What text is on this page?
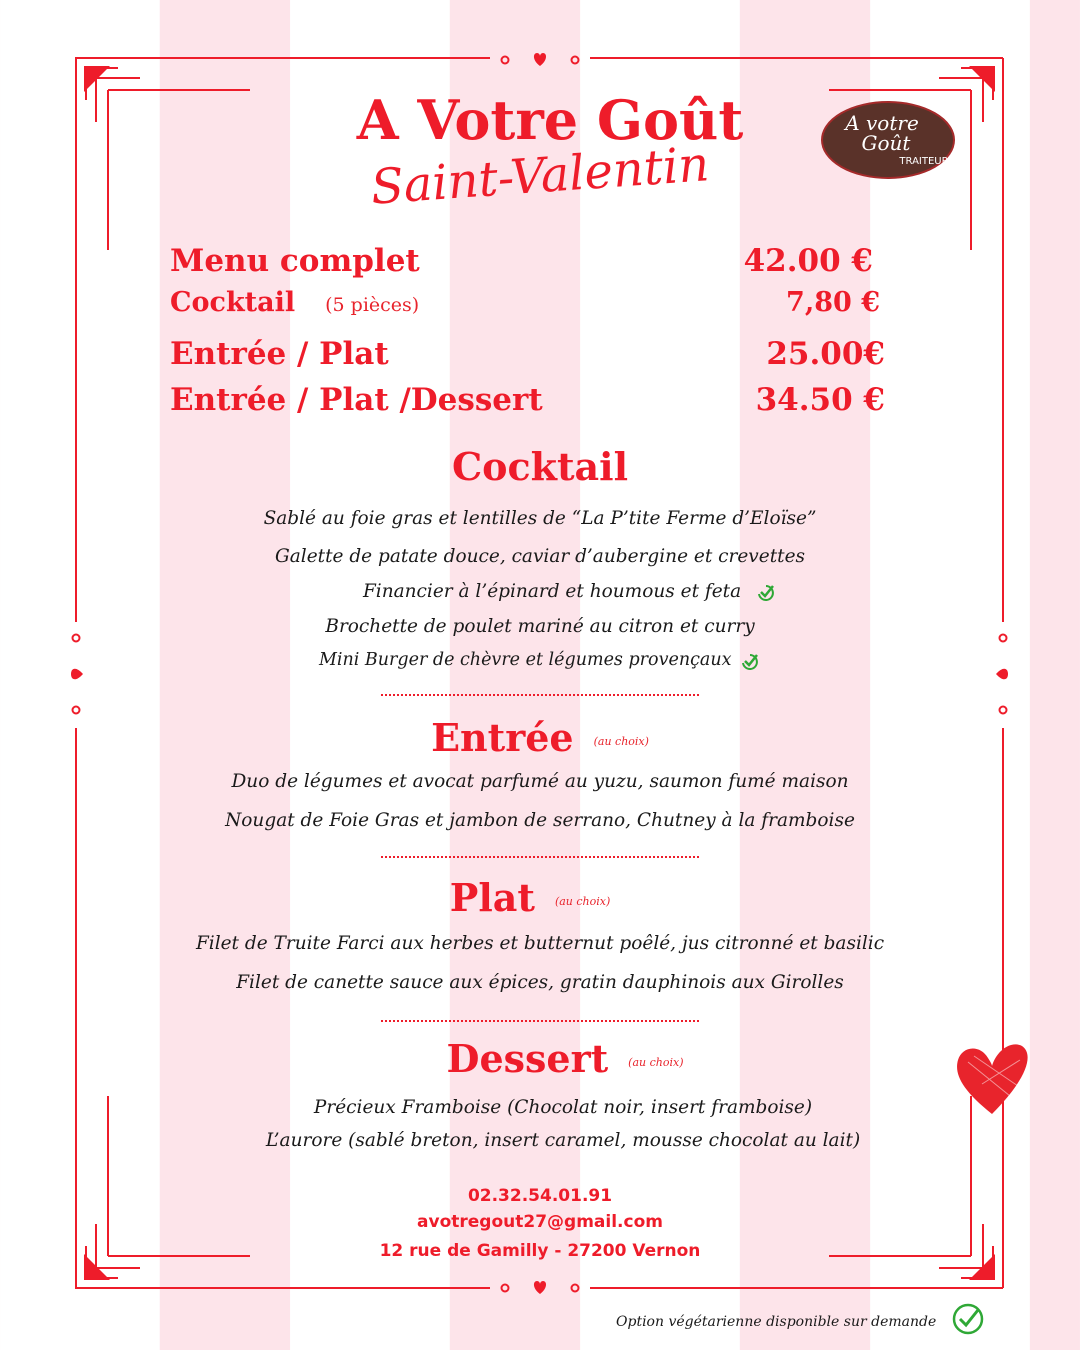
A Votre Goût
Saint-Valentin
A votre
Goût
TRAITEUR
Menu complet	42.00 €
Cocktail (5 pièces)	7,80 €
Entrée / Plat	25.00€
Entrée / Plat /Dessert	34.50 €
Cocktail
Sablé au foie gras et lentilles de “La P’tite Ferme d’Eloïse”
Galette de patate douce, caviar d’aubergine et crevettes
Financier à l’épinard et houmous et feta
Brochette de poulet mariné au citron et curry
Mini Burger de chèvre et légumes provençaux
Entrée (au choix)
Duo de légumes et avocat parfumé au yuzu, saumon fumé maison
Nougat de Foie Gras et jambon de serrano, Chutney à la framboise
Plat (au choix)
Filet de Truite Farci aux herbes et butternut poêlé, jus citronné et basilic
Filet de canette sauce aux épices, gratin dauphinois aux Girolles
Dessert (au choix)
Précieux Framboise (Chocolat noir, insert framboise)
L’aurore (sablé breton, insert caramel, mousse chocolat au lait)
02.32.54.01.91
avotregout27@gmail.com
12 rue de Gamilly - 27200 Vernon
Option végétarienne disponible sur demande
